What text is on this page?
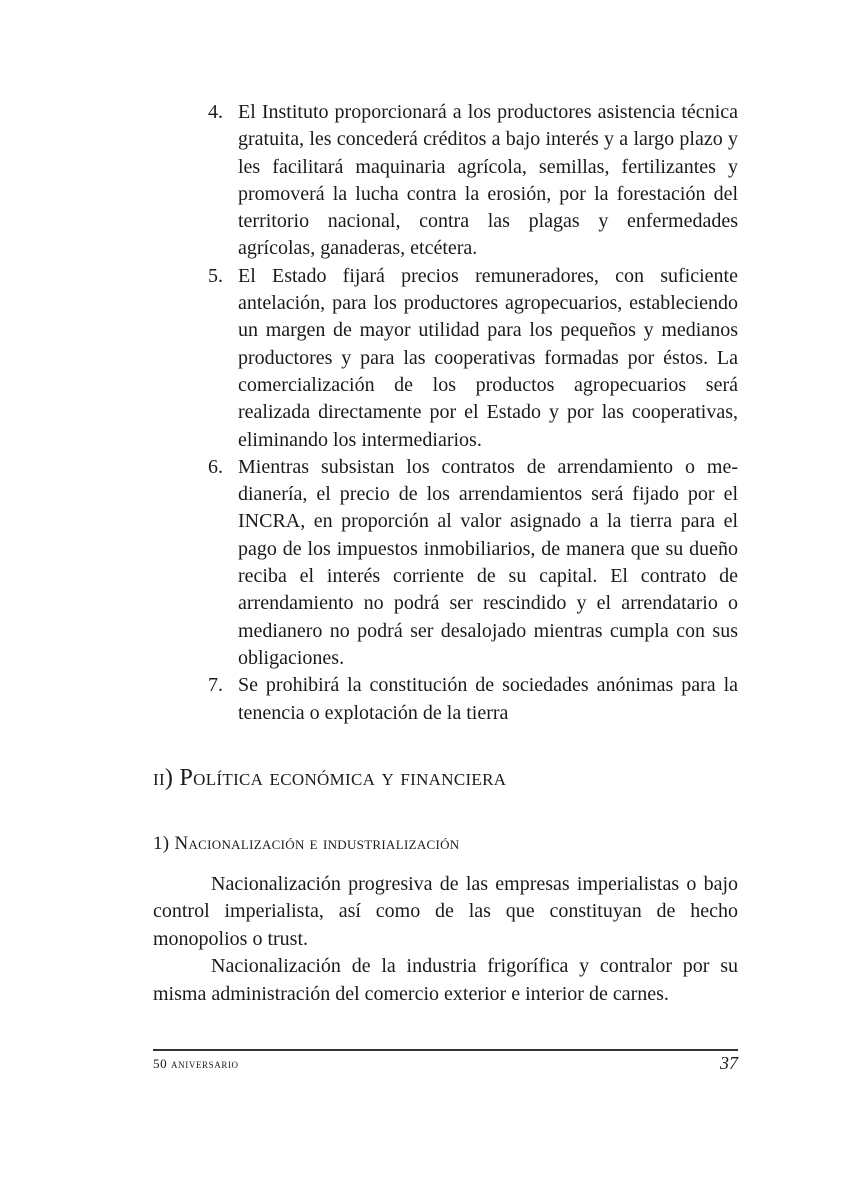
4. El Instituto proporcionará a los productores asistencia técnica gratuita, les concederá créditos a bajo interés y a largo plazo y les facilitará maquinaria agrícola, semillas, fertilizantes y promoverá la lucha contra la erosión, por la forestación del territorio nacional, contra las plagas y enfermedades agrícolas, ganaderas, etcétera.
5. El Estado fijará precios remuneradores, con suficiente antelación, para los productores agropecuarios, estableciendo un margen de mayor utilidad para los pequeños y medianos productores y para las cooperativas formadas por éstos. La comercialización de los productos agropecuarios será realizada directamente por el Estado y por las cooperativas, eliminando los intermediarios.
6. Mientras subsistan los contratos de arrendamiento o medianería, el precio de los arrendamientos será fijado por el INCRA, en proporción al valor asignado a la tierra para el pago de los impuestos inmobiliarios, de manera que su dueño reciba el interés corriente de su capital. El contrato de arrendamiento no podrá ser rescindido y el arrendatario o medianero no podrá ser desalojado mientras cumpla con sus obligaciones.
7. Se prohibirá la constitución de sociedades anónimas para la tenencia o explotación de la tierra
ii) Política económica y financiera
1) Nacionalización e industrialización

Nacionalización progresiva de las empresas imperialistas o bajo control imperialista, así como de las que constituyan de hecho monopolios o trust.

Nacionalización de la industria frigorífica y contralor por su misma administración del comercio exterior e interior de carnes.

50 aniversario	37
